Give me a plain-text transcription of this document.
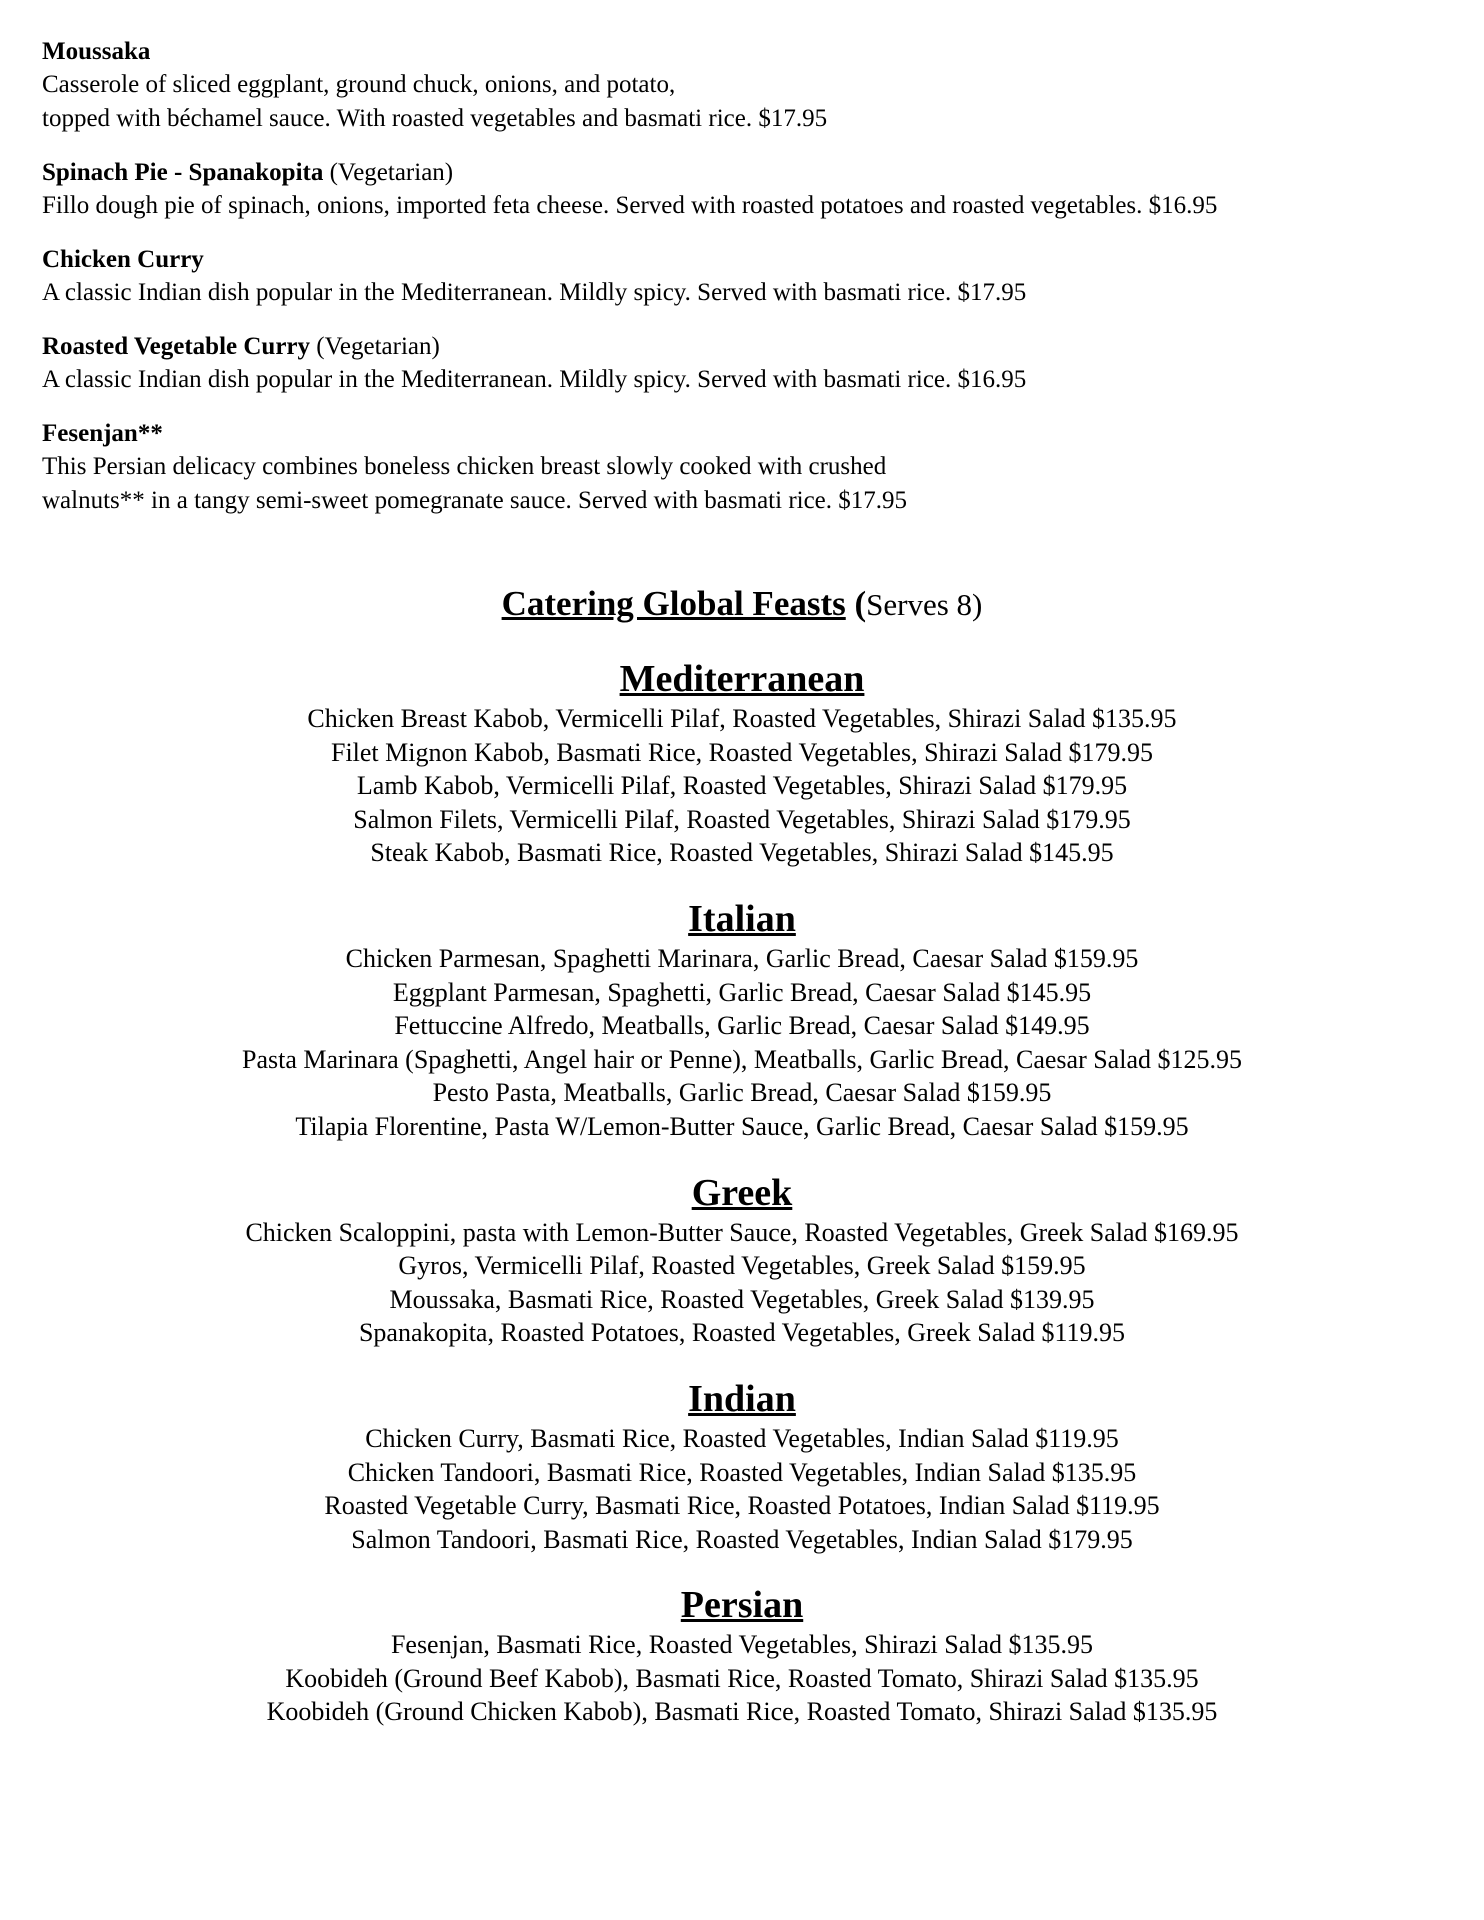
Moussaka
Casserole of sliced eggplant, ground chuck, onions, and potato,
topped with béchamel sauce. With roasted vegetables and basmati rice. $17.95
Spinach Pie - Spanakopita (Vegetarian)
Fillo dough pie of spinach, onions, imported feta cheese. Served with roasted potatoes and roasted vegetables. $16.95
Chicken Curry
A classic Indian dish popular in the Mediterranean. Mildly spicy. Served with basmati rice. $17.95
Roasted Vegetable Curry (Vegetarian)
A classic Indian dish popular in the Mediterranean. Mildly spicy. Served with basmati rice. $16.95
Fesenjan**
This Persian delicacy combines boneless chicken breast slowly cooked with crushed
walnuts** in a tangy semi-sweet pomegranate sauce. Served with basmati rice. $17.95
Catering Global Feasts (Serves 8)
Mediterranean
Chicken Breast Kabob, Vermicelli Pilaf, Roasted Vegetables, Shirazi Salad $135.95
Filet Mignon Kabob, Basmati Rice, Roasted Vegetables, Shirazi Salad $179.95
Lamb Kabob, Vermicelli Pilaf, Roasted Vegetables, Shirazi Salad $179.95
Salmon Filets, Vermicelli Pilaf, Roasted Vegetables, Shirazi Salad $179.95
Steak Kabob, Basmati Rice, Roasted Vegetables, Shirazi Salad $145.95
Italian
Chicken Parmesan, Spaghetti Marinara, Garlic Bread, Caesar Salad $159.95
Eggplant Parmesan, Spaghetti, Garlic Bread, Caesar Salad $145.95
Fettuccine Alfredo, Meatballs, Garlic Bread, Caesar Salad $149.95
Pasta Marinara (Spaghetti, Angel hair or Penne), Meatballs, Garlic Bread, Caesar Salad $125.95
Pesto Pasta, Meatballs, Garlic Bread, Caesar Salad $159.95
Tilapia Florentine, Pasta W/Lemon-Butter Sauce, Garlic Bread, Caesar Salad $159.95
Greek
Chicken Scaloppini, pasta with Lemon-Butter Sauce, Roasted Vegetables, Greek Salad $169.95
Gyros, Vermicelli Pilaf, Roasted Vegetables, Greek Salad $159.95
Moussaka, Basmati Rice, Roasted Vegetables, Greek Salad $139.95
Spanakopita, Roasted Potatoes, Roasted Vegetables, Greek Salad $119.95
Indian
Chicken Curry, Basmati Rice, Roasted Vegetables, Indian Salad $119.95
Chicken Tandoori, Basmati Rice, Roasted Vegetables, Indian Salad $135.95
Roasted Vegetable Curry, Basmati Rice, Roasted Potatoes, Indian Salad $119.95
Salmon Tandoori, Basmati Rice, Roasted Vegetables, Indian Salad $179.95
Persian
Fesenjan, Basmati Rice, Roasted Vegetables, Shirazi Salad $135.95
Koobideh (Ground Beef Kabob), Basmati Rice, Roasted Tomato, Shirazi Salad $135.95
Koobideh (Ground Chicken Kabob), Basmati Rice, Roasted Tomato, Shirazi Salad $135.95
